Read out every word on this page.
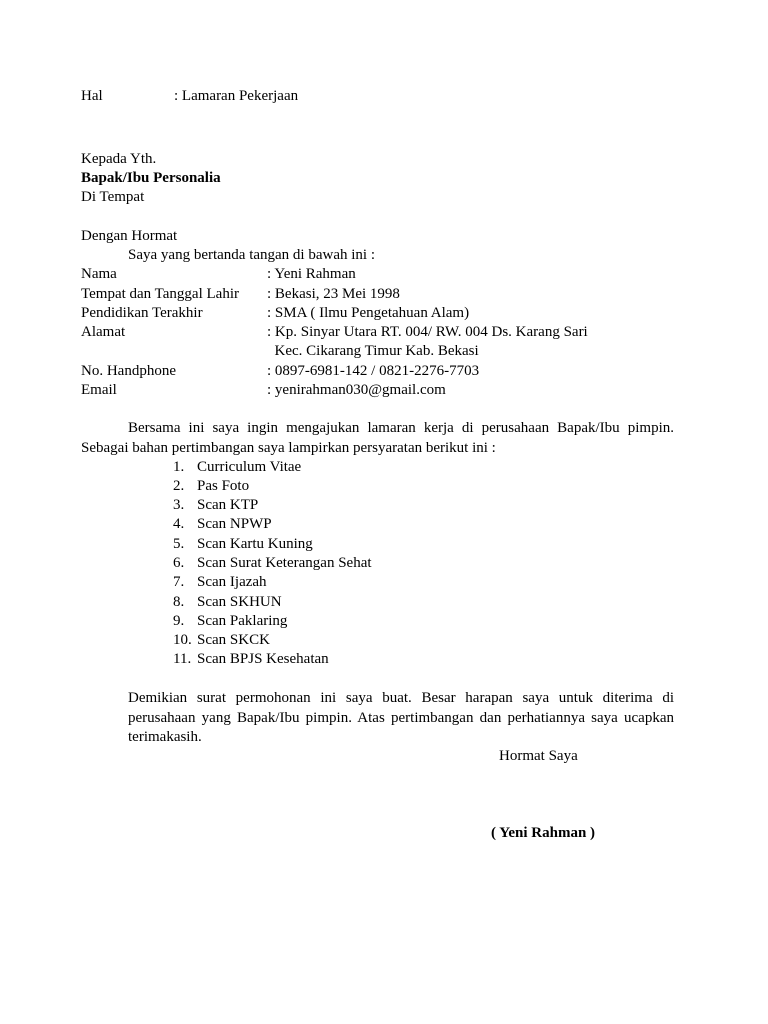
Hal	: Lamaran Pekerjaan
Kepada Yth.
Bapak/Ibu Personalia
Di Tempat
Dengan Hormat
Saya yang bertanda tangan di bawah ini :
Nama	: Yeni Rahman
Tempat dan Tanggal Lahir : Bekasi, 23 Mei 1998
Pendidikan Terakhir	: SMA ( Ilmu Pengetahuan Alam)
Alamat	: Kp. Sinyar Utara RT. 004/ RW. 004 Ds. Karang Sari
Kec. Cikarang Timur Kab. Bekasi
No. Handphone	: 0897-6981-142 / 0821-2276-7703
Email	: yenirahman030@gmail.com
Bersama ini saya ingin mengajukan lamaran kerja di perusahaan Bapak/Ibu pimpin.
Sebagai bahan pertimbangan saya lampirkan persyaratan berikut ini :
1. Curriculum Vitae
2. Pas Foto
3. Scan KTP
4. Scan NPWP
5. Scan Kartu Kuning
6. Scan Surat Keterangan Sehat
7. Scan Ijazah
8. Scan SKHUN
9. Scan Paklaring
10. Scan SKCK
11. Scan BPJS Kesehatan
Demikian surat permohonan ini saya buat. Besar harapan saya untuk diterima di
perusahaan yang Bapak/Ibu pimpin. Atas pertimbangan dan perhatiannya saya ucapkan
terimakasih.
Hormat Saya
( Yeni Rahman )
